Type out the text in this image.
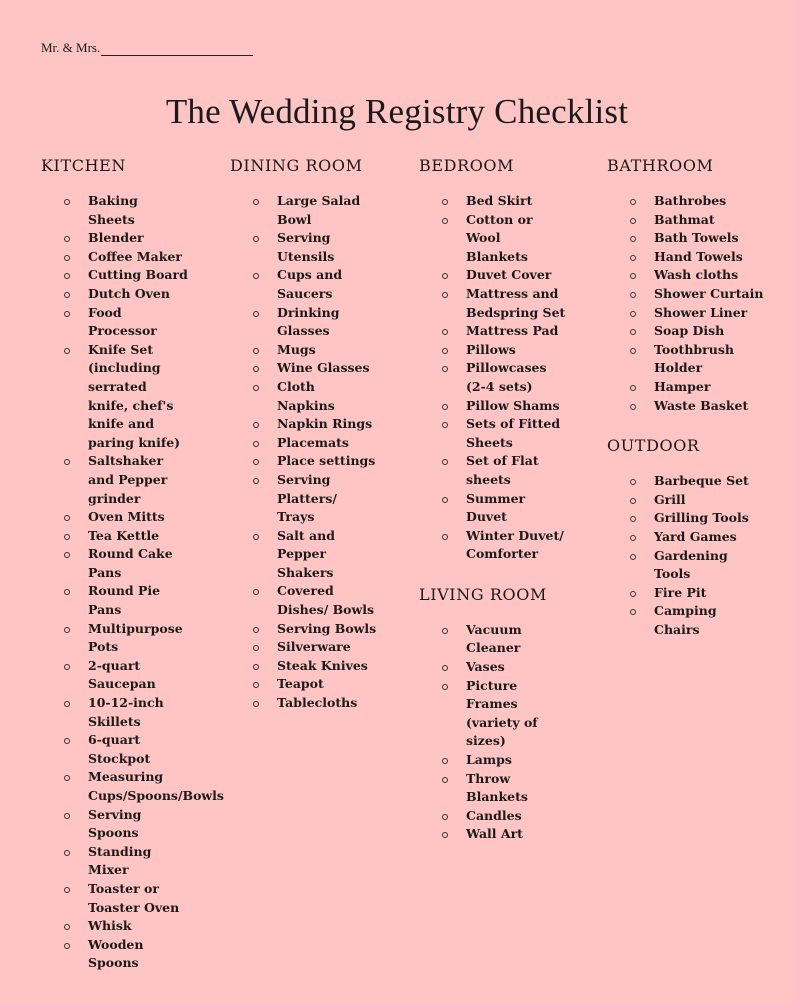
Mr. & Mrs.
The Wedding Registry Checklist
KITCHEN
Baking Sheets
Blender
Coffee Maker
Cutting Board
Dutch Oven
Food Processor
Knife Set (including serrated knife, chef's knife and paring knife)
Saltshaker and Pepper grinder
Oven Mitts
Tea Kettle
Round Cake Pans
Round Pie Pans
Multipurpose Pots
2-quart Saucepan
10-12-inch Skillets
6-quart Stockpot
Measuring Cups/Spoons/Bowls
Serving Spoons
Standing Mixer
Toaster or Toaster Oven
Whisk
Wooden Spoons
DINING ROOM
Large Salad Bowl
Serving Utensils
Cups and Saucers
Drinking Glasses
Mugs
Wine Glasses
Cloth Napkins
Napkin Rings
Placemats
Place settings
Serving Platters/ Trays
Salt and Pepper Shakers
Covered Dishes/ Bowls
Serving Bowls
Silverware
Steak Knives
Teapot
Tablecloths
BEDROOM
Bed Skirt
Cotton or Wool Blankets
Duvet Cover
Mattress and Bedspring Set
Mattress Pad
Pillows
Pillowcases (2-4 sets)
Pillow Shams
Sets of Fitted Sheets
Set of Flat sheets
Summer Duvet
Winter Duvet/ Comforter
LIVING ROOM
Vacuum Cleaner
Vases
Picture Frames (variety of sizes)
Lamps
Throw Blankets
Candles
Wall Art
BATHROOM
Bathrobes
Bathmat
Bath Towels
Hand Towels
Wash cloths
Shower Curtain
Shower Liner
Soap Dish
Toothbrush Holder
Hamper
Waste Basket
OUTDOOR
Barbeque Set
Grill
Grilling Tools
Yard Games
Gardening Tools
Fire Pit
Camping Chairs
